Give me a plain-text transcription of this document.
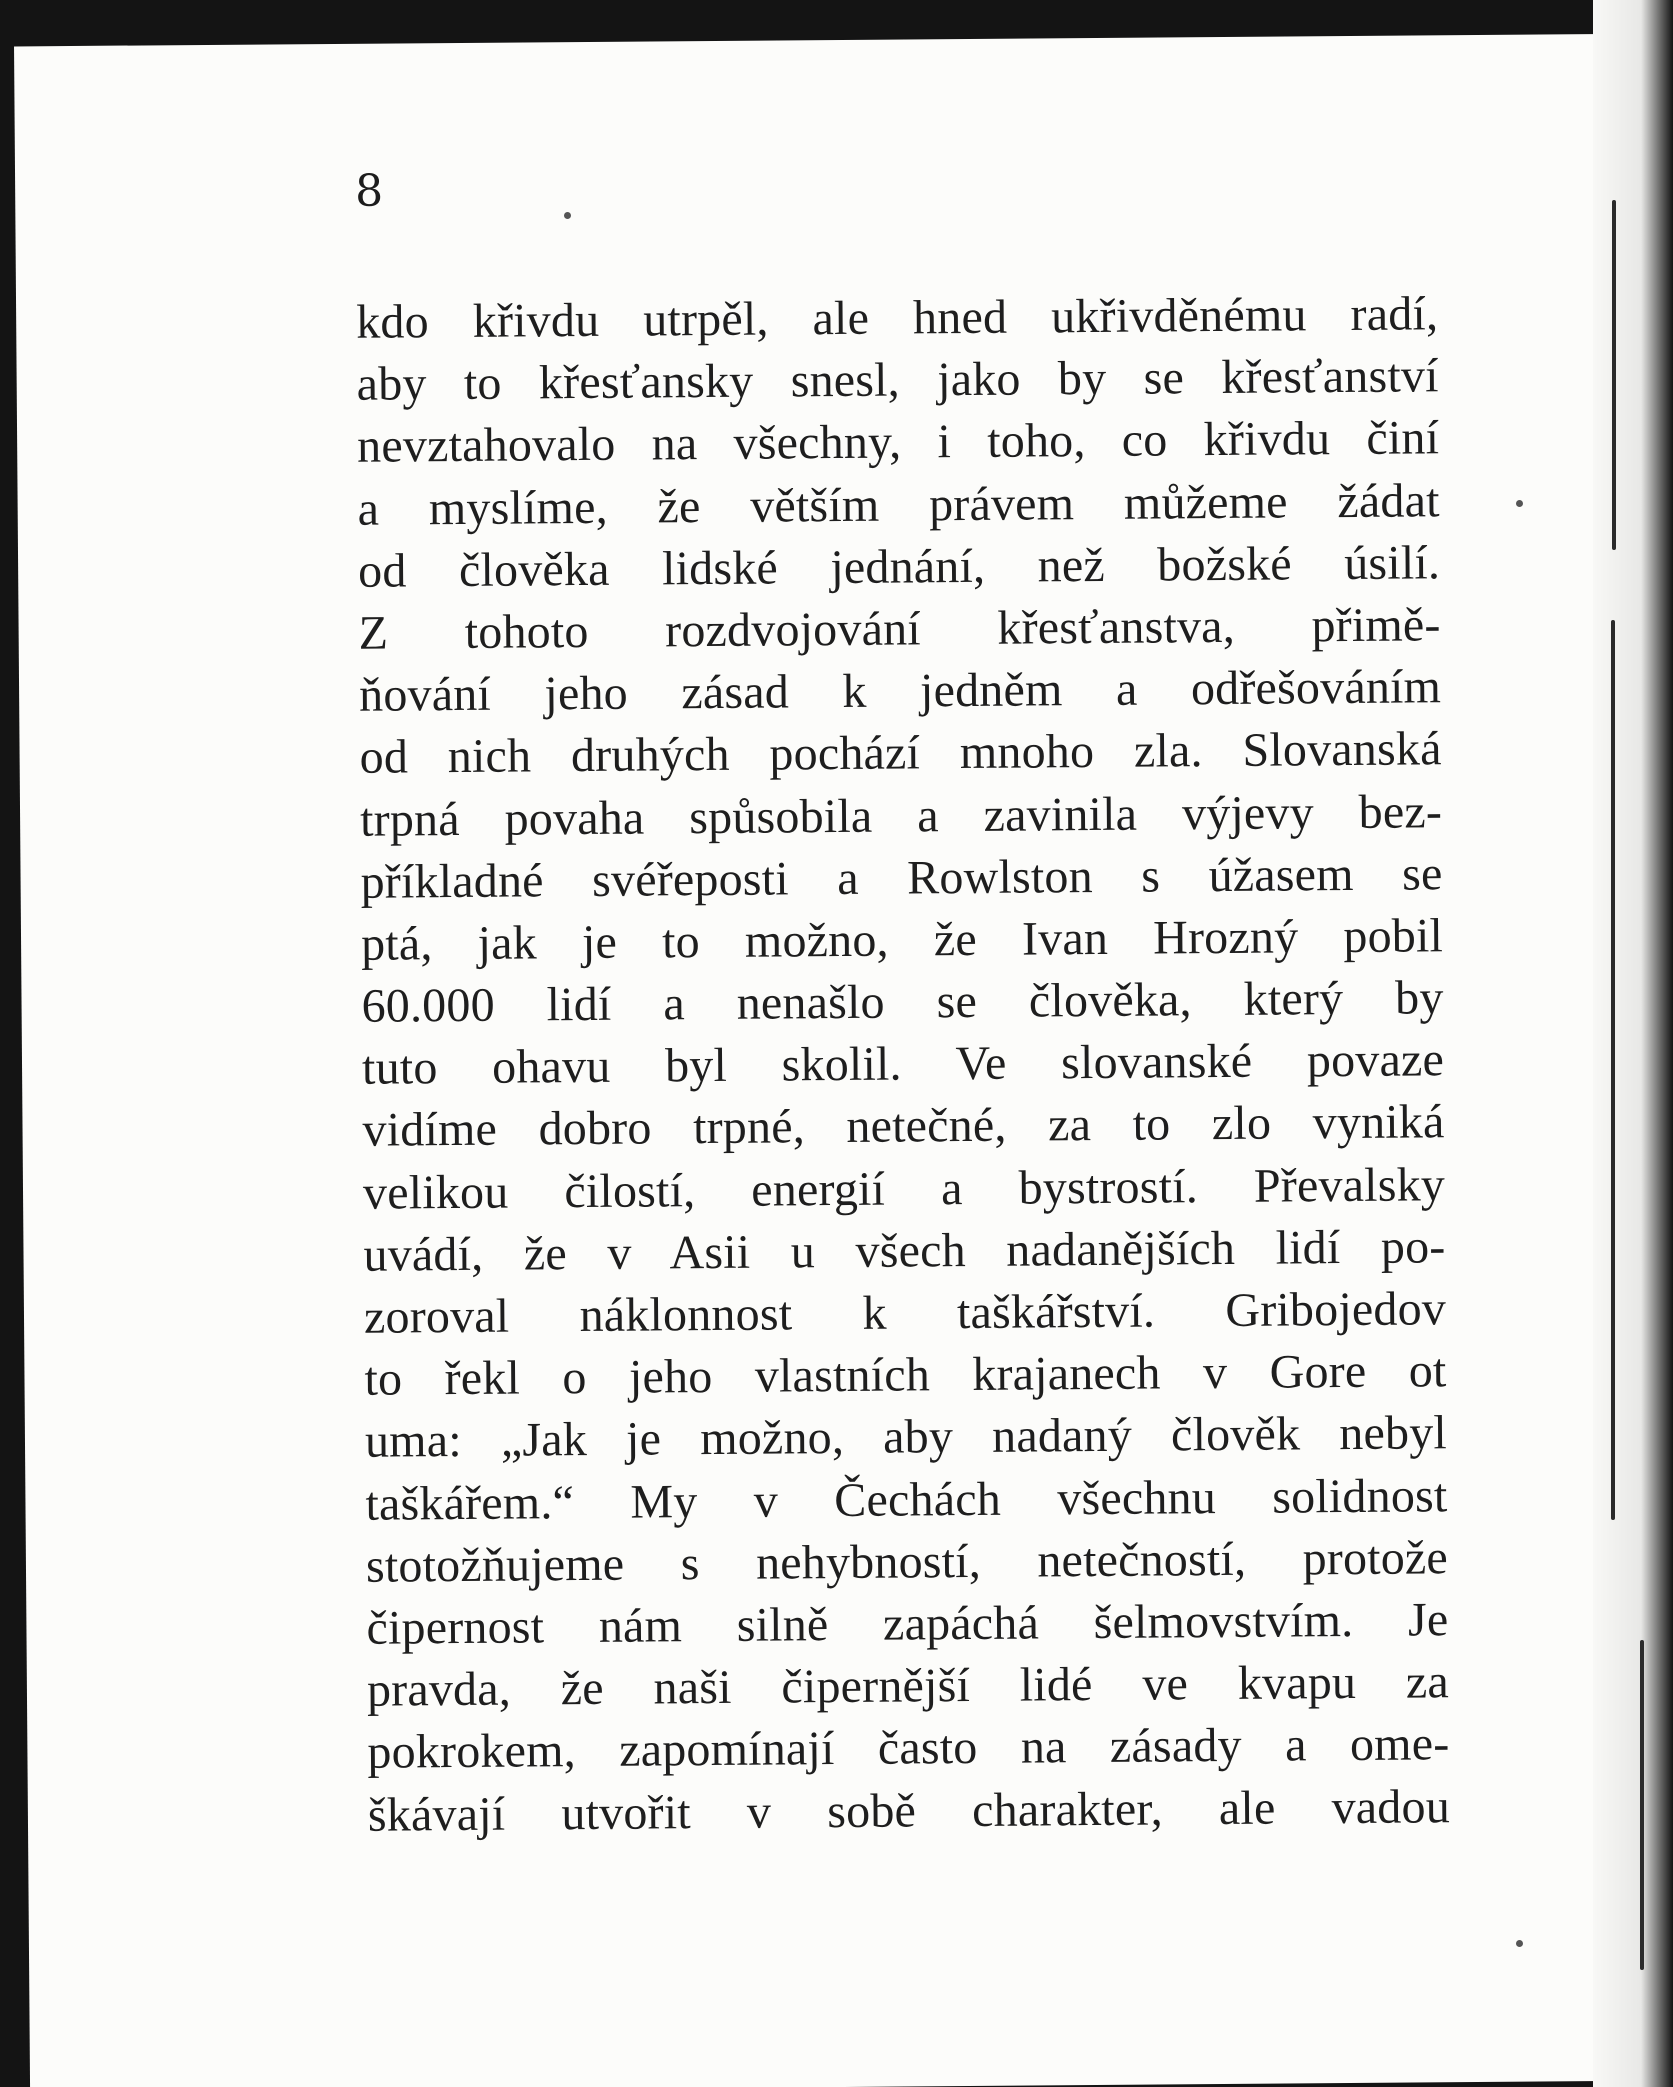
8
kdo křivdu utrpěl, ale hned ukřivděnému radí,
aby to křesťansky snesl, jako by se křesťanství
nevztahovalo na všechny, i toho, co křivdu činí
a myslíme, že větším právem můžeme žádat
od člověka lidské jednání, než božské úsilí.
Z tohoto rozdvojování křesťanstva, přimě-
ňování jeho zásad k jedněm a odřešováním
od nich druhých pochází mnoho zla. Slovanská
trpná povaha spůsobila a zavinila výjevy bez-
příkladné svéřeposti a Rowlston s úžasem se
ptá, jak je to možno, že Ivan Hrozný pobil
60.000 lidí a nenašlo se člověka, který by
tuto ohavu byl skolil. Ve slovanské povaze
vidíme dobro trpné, netečné, za to zlo vyniká
velikou čilostí, energií a bystrostí. Převalsky
uvádí, že v Asii u všech nadanějších lidí po-
zoroval náklonnost k taškářství. Gribojedov
to řekl o jeho vlastních krajanech v Gore ot
uma: „Jak je možno, aby nadaný člověk nebyl
taškářem.“ My v Čechách všechnu solidnost
stotožňujeme s nehybností, netečností, protože
čipernost nám silně zapáchá šelmovstvím. Je
pravda, že naši čipernější lidé ve kvapu za
pokrokem, zapomínají často na zásady a ome-
škávají utvořit v sobě charakter, ale vadou
